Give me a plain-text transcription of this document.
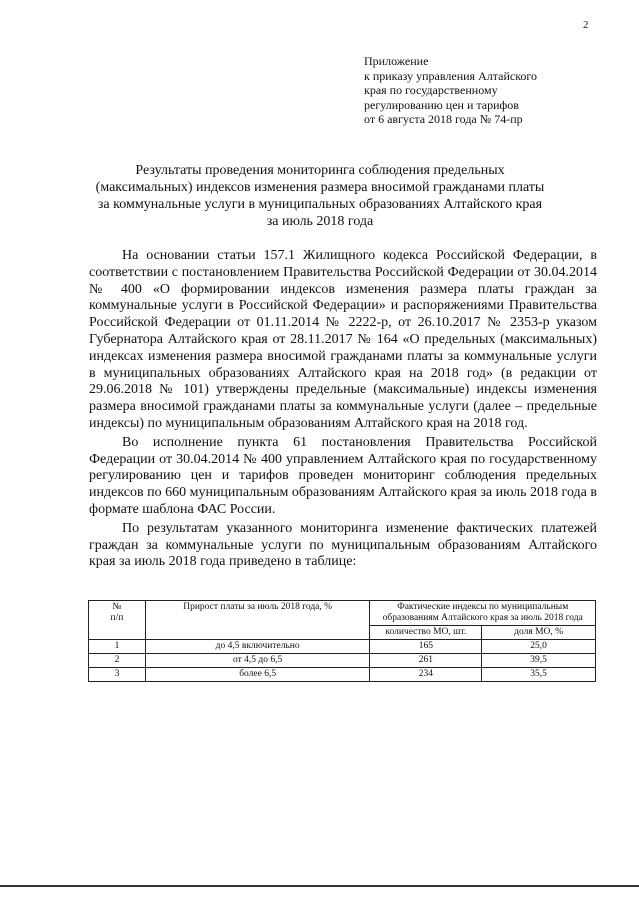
2
Приложение
к приказу управления Алтайского
края по государственному
регулированию цен и тарифов
от 6 августа 2018 года № 74-пр
Результаты проведения мониторинга соблюдения предельных
(максимальных) индексов изменения размера вносимой гражданами платы
за коммунальные услуги в муниципальных образованиях Алтайского края
за июль 2018 года

На основании статьи 157.1 Жилищного кодекса Российской Федерации, в соответствии с постановлением Правительства Российской Федерации от 30.04.2014 № 400 «О формировании индексов изменения размера платы граждан за коммунальные услуги в Российской Федерации» и распоряжениями Правительства Российской Федерации от 01.11.2014 № 2222-р, от 26.10.2017 № 2353-р указом Губернатора Алтайского края от 28.11.2017 № 164 «О предельных (максимальных) индексах изменения размера вносимой гражданами платы за коммунальные услуги в муниципальных образованиях Алтайского края на 2018 год» (в редакции от 29.06.2018 № 101) утверждены предельные (максимальные) индексы изменения размера вносимой гражданами платы за коммунальные услуги (далее – предельные индексы) по муниципальным образованиям Алтайского края на 2018 год.

Во исполнение пункта 61 постановления Правительства Российской Федерации от 30.04.2014 № 400 управлением Алтайского края по государственному регулированию цен и тарифов проведен мониторинг соблюдения предельных индексов по 660 муниципальным образованиям Алтайского края за июль 2018 года в формате шаблона ФАС России.

По результатам указанного мониторинга изменение фактических платежей граждан за коммунальные услуги по муниципальным образованиям Алтайского края за июль 2018 года приведено в таблице:

№
п/п	Прирост платы за июль 2018 года, %	Фактические индексы по муниципальным образованиям Алтайского края за июль 2018 года	
		количество МО, шт.	доля МО, %
1	до 4,5 включительно	165	25,0
2	от 4,5 до 6,5	261	39,5
3	более 6,5	234	35,5
